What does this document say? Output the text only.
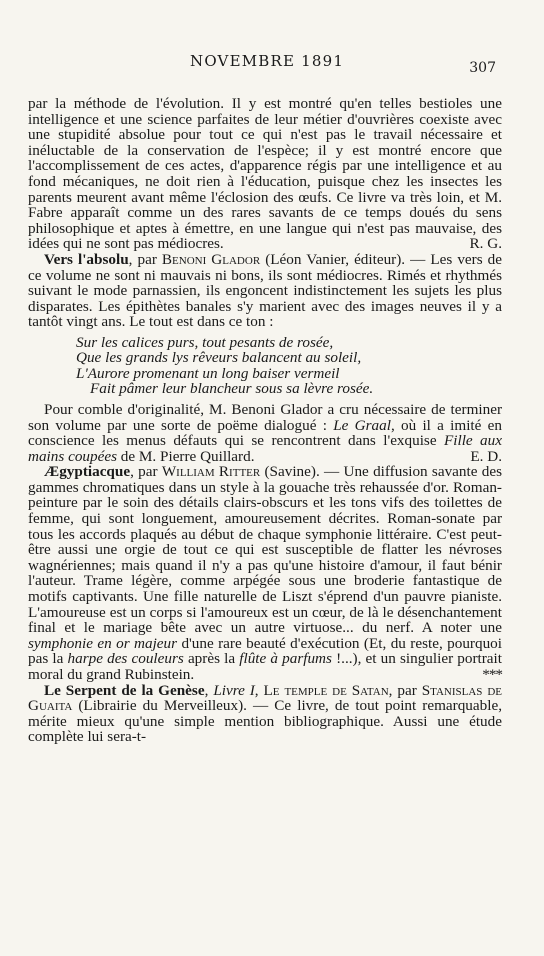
NOVEMBRE 1891	307

par la méthode de l'évolution. Il y est montré qu'en telles bestioles une intelligence et une science parfaites de leur métier d'ouvrières coexiste avec une stupidité absolue pour tout ce qui n'est pas le travail nécessaire et inéluctable de la conservation de l'espèce; il y est montré encore que l'accomplissement de ces actes, d'apparence régis par une intelligence et au fond mécaniques, ne doit rien à l'éducation, puisque chez les insectes les parents meurent avant même l'éclosion des œufs. Ce livre va très loin, et M. Fabre apparaît comme un des rares savants de ce temps doués du sens philosophique et aptes à émettre, en une langue qui n'est pas mauvaise, des idées qui ne sont pas médiocres.	R. G.

Vers l'absolu, par Benoni Glador (Léon Vanier, éditeur). — Les vers de ce volume ne sont ni mauvais ni bons, ils sont médiocres. Rimés et rhythmés suivant le mode parnassien, ils engoncent indistinctement les sujets les plus disparates. Les épithètes banales s'y marient avec des images neuves il y a tantôt vingt ans. Le tout est dans ce ton :

Sur les calices purs, tout pesants de rosée,
Que les grands lys rêveurs balancent au soleil,
L'Aurore promenant un long baiser vermeil
Fait pâmer leur blancheur sous sa lèvre rosée.

Pour comble d'originalité, M. Benoni Glador a cru nécessaire de terminer son volume par une sorte de poëme dialogué : Le Graal, où il a imité en conscience les menus défauts qui se rencontrent dans l'exquise Fille aux mains coupées de M. Pierre Quillard.	E. D.

Ægyptiacque, par William Ritter (Savine). — Une diffusion savante des gammes chromatiques dans un style à la gouache très rehaussée d'or. Roman-peinture par le soin des détails clairs-obscurs et les tons vifs des toilettes de femme, qui sont longuement, amoureusement décrites. Roman-sonate par tous les accords plaqués au début de chaque symphonie littéraire. C'est peut-être aussi une orgie de tout ce qui est susceptible de flatter les névroses wagnériennes; mais quand il n'y a pas qu'une histoire d'amour, il faut bénir l'auteur. Trame légère, comme arpégée sous une broderie fantastique de motifs captivants. Une fille naturelle de Liszt s'éprend d'un pauvre pianiste. L'amoureuse est un corps si l'amoureux est un cœur, de là le désenchantement final et le mariage bête avec un autre virtuose... du nerf. A noter une symphonie en or majeur d'une rare beauté d'exécution (Et, du reste, pourquoi pas la harpe des couleurs après la flûte à parfums !...), et un singulier portrait moral du grand Rubinstein.	***

Le Serpent de la Genèse, Livre I, Le temple de Satan, par Stanislas de Guaita (Librairie du Merveilleux). — Ce livre, de tout point remarquable, mérite mieux qu'une simple mention bibliographique. Aussi une étude complète lui sera-t-
